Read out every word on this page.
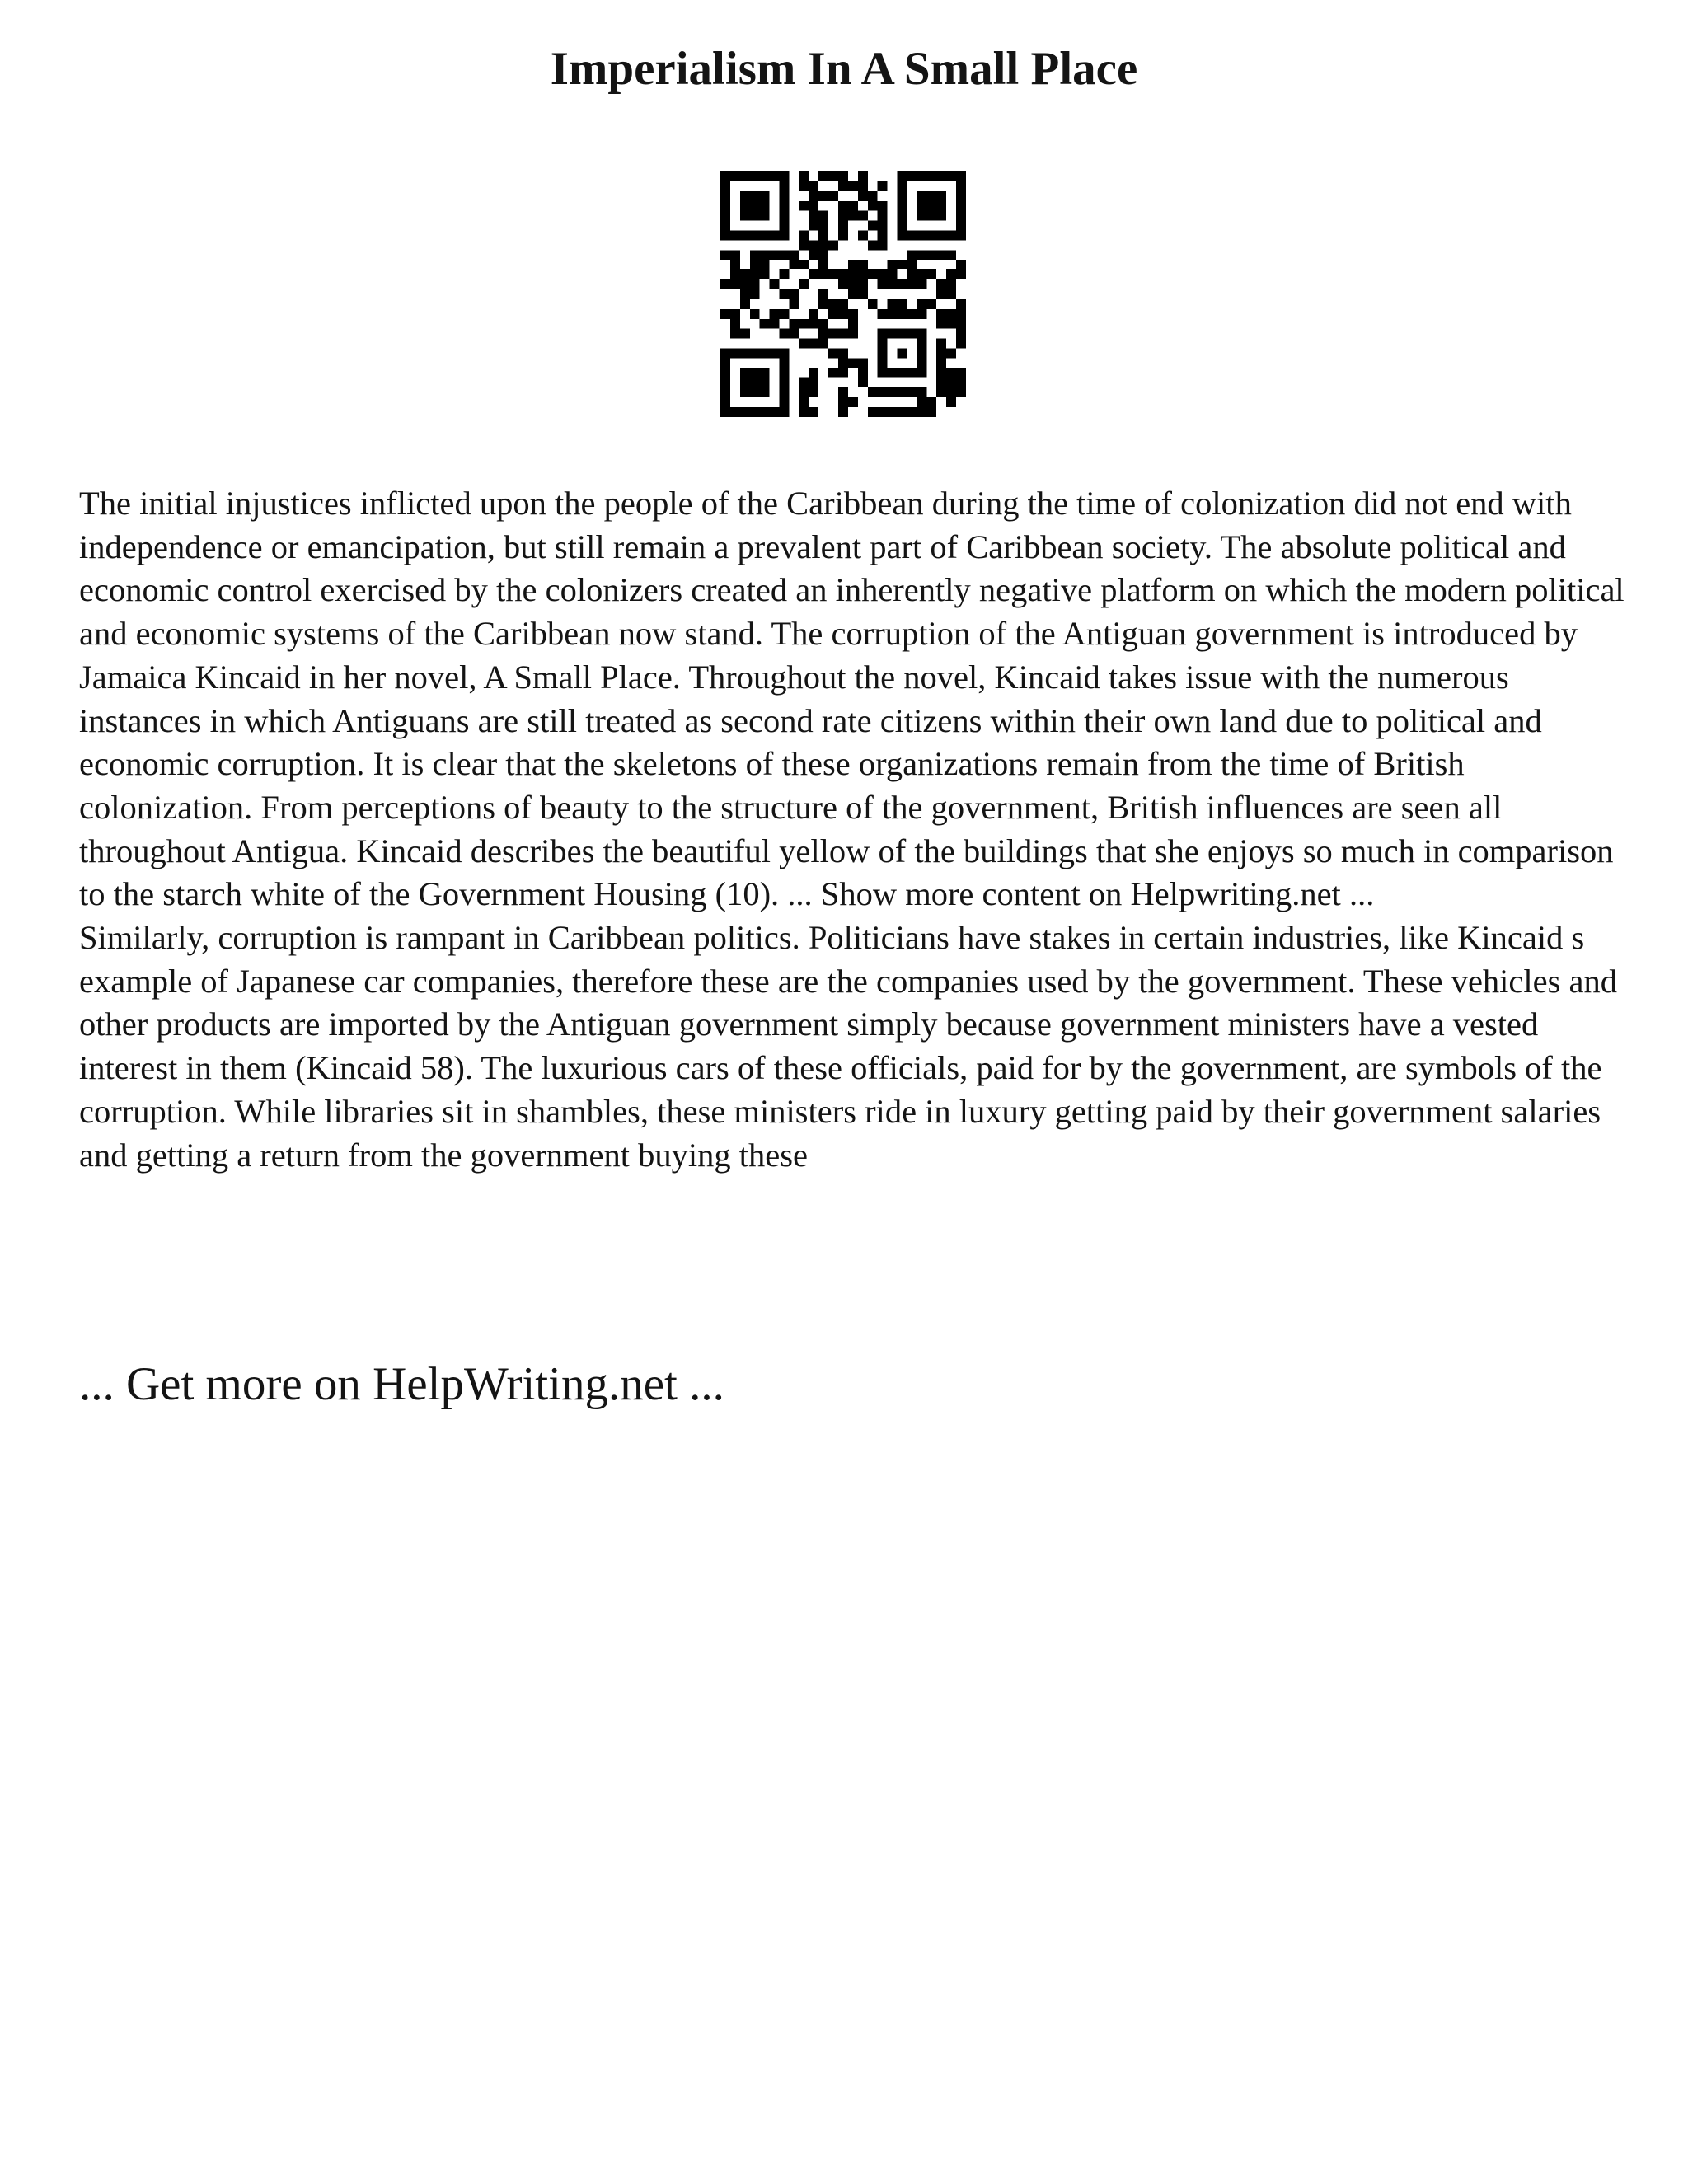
Imperialism In A Small Place

The initial injustices inflicted upon the people of the Caribbean during the time of colonization did not end with independence or emancipation, but still remain a prevalent part of Caribbean society. The absolute political and economic control exercised by the colonizers created an inherently negative platform on which the modern political and economic systems of the Caribbean now stand. The corruption of the Antiguan government is introduced by Jamaica Kincaid in her novel, A Small Place. Throughout the novel, Kincaid takes issue with the numerous instances in which Antiguans are still treated as second rate citizens within their own land due to political and economic corruption. It is clear that the skeletons of these organizations remain from the time of British colonization. From perceptions of beauty to the structure of the government, British influences are seen all throughout Antigua. Kincaid describes the beautiful yellow of the buildings that she enjoys so much in comparison to the starch white of the Government Housing (10). ... Show more content on Helpwriting.net ...

Similarly, corruption is rampant in Caribbean politics. Politicians have stakes in certain industries, like Kincaid s example of Japanese car companies, therefore these are the companies used by the government. These vehicles and other products are imported by the Antiguan government simply because government ministers have a vested interest in them (Kincaid 58). The luxurious cars of these officials, paid for by the government, are symbols of the corruption. While libraries sit in shambles, these ministers ride in luxury getting paid by their government salaries and getting a return from the government buying these

... Get more on HelpWriting.net ...
